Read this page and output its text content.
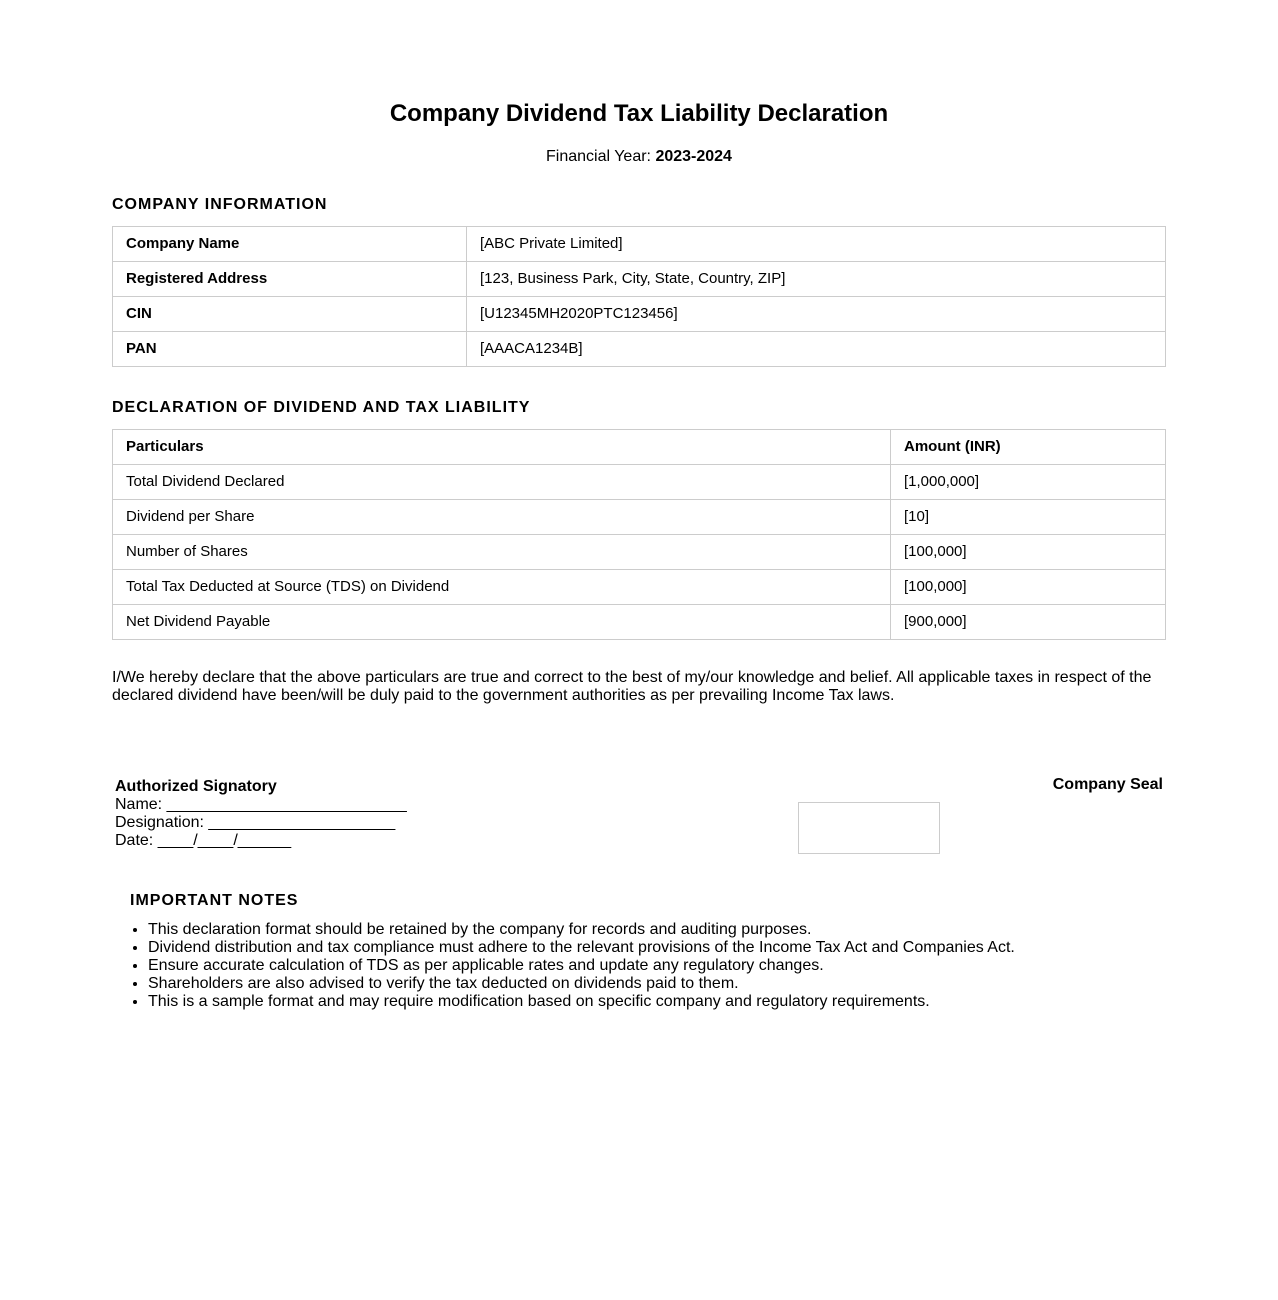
Company Dividend Tax Liability Declaration
Financial Year: 2023-2024
COMPANY INFORMATION
Company Name	[ABC Private Limited]
Registered Address	[123, Business Park, City, State, Country, ZIP]
CIN	[U12345MH2020PTC123456]
PAN	[AAACA1234B]
DECLARATION OF DIVIDEND AND TAX LIABILITY
Particulars	Amount (INR)
Total Dividend Declared	[1,000,000]
Dividend per Share	[10]
Number of Shares	[100,000]
Total Tax Deducted at Source (TDS) on Dividend	[100,000]
Net Dividend Payable	[900,000]

I/We hereby declare that the above particulars are true and correct to the best of my/our knowledge and belief. All applicable taxes in respect of the declared dividend have been/will be duly paid to the government authorities as per prevailing Income Tax laws.

Authorized Signatory
Name: ___________________________
Designation: _____________________
Date: ____/____/______
Company Seal
IMPORTANT NOTES
• This declaration format should be retained by the company for records and auditing purposes.
• Dividend distribution and tax compliance must adhere to the relevant provisions of the Income Tax Act and Companies Act.
• Ensure accurate calculation of TDS as per applicable rates and update any regulatory changes.
• Shareholders are also advised to verify the tax deducted on dividends paid to them.
• This is a sample format and may require modification based on specific company and regulatory requirements.
